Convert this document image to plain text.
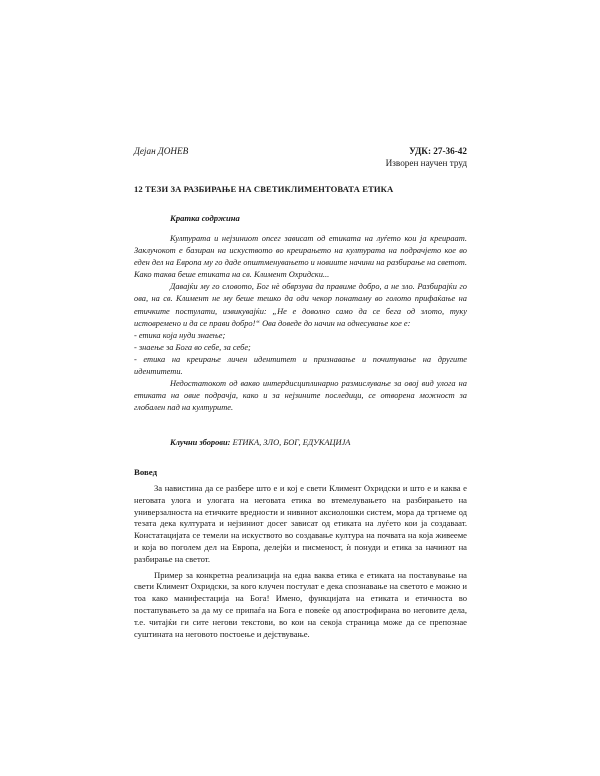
Дејан ДОНЕВ	УДК: 27-36-42
Изворен научен труд
12 ТЕЗИ ЗА РАЗБИРАЊЕ НА СВЕТИКЛИМЕНТОВАТА ЕТИКА
Кратка содржина

Културата и нејзиниот опсег зависат од етиката на луѓето кои ја креираат. Заклучокот е базиран на искуството во креирањето на културата на подрачјето кое во еден дел на Европа му го даде општменувањето и новиите начини на разбирање на светот. Како таква беше етиката на св. Климент Охридски...

Давајќи му го словото, Бог нѐ обврзува да правиме добро, а не зло. Разбирајќи го ова, на св. Климент не му беше тешко да оди чекор понатаму во голото прифаќање на етичките постулати, извикувајќи: „Не е доволно само да се бега од злото, туку истовремено и да се прави добро!“ Ова доведе до начин на однесување кое е:

- етика која нуди знаење;

- знаење за Бога во себе, за себе;

- етика на креирање личен идентитет и признавање и почитување на другите идентитети.

Недостатокот од вакво интердисциплинарно размислување за овој вид улога на етиката на овие подрачја, како и за нејзините последици, се отворена можност за глобален пад на културите.

Клучни зборови: ЕТИКА, ЗЛО, БОГ, ЕДУКАЦИЈА
Вовед

За навистина да се разбере што е и кој е свети Климент Охридски и што е и каква е неговата улога и улогата на неговата етика во втемелувањето на разбирањето на универзалноста на етичките вредности и нивниот аксиолошки систем, мора да тргнеме од тезата дека културата и нејзиниот досег зависат од етиката на луѓето кои ја создаваат. Констатацијата се темели на искуството во создавање култура на почвата на која живееме и која во поголем дел на Европа, делејќи и писменост, ѝ понуди и етика за начинот на разбирање на светот.

Пример за конкретна реализација на една ваква етика е етиката на поставување на свети Климент Охридски, за кого клучен постулат е дека спознавање на светото е можно и тоа како манифестација на Бога! Имено, функцијата на етиката и етичноста во постапувањето за да му се припаѓа на Бога е повеќе од апострофирана во неговите дела, т.е. читајќи ги сите негови текстови, во кои на секоја страница може да се препознае суштината на неговото постоење и дејствување.
